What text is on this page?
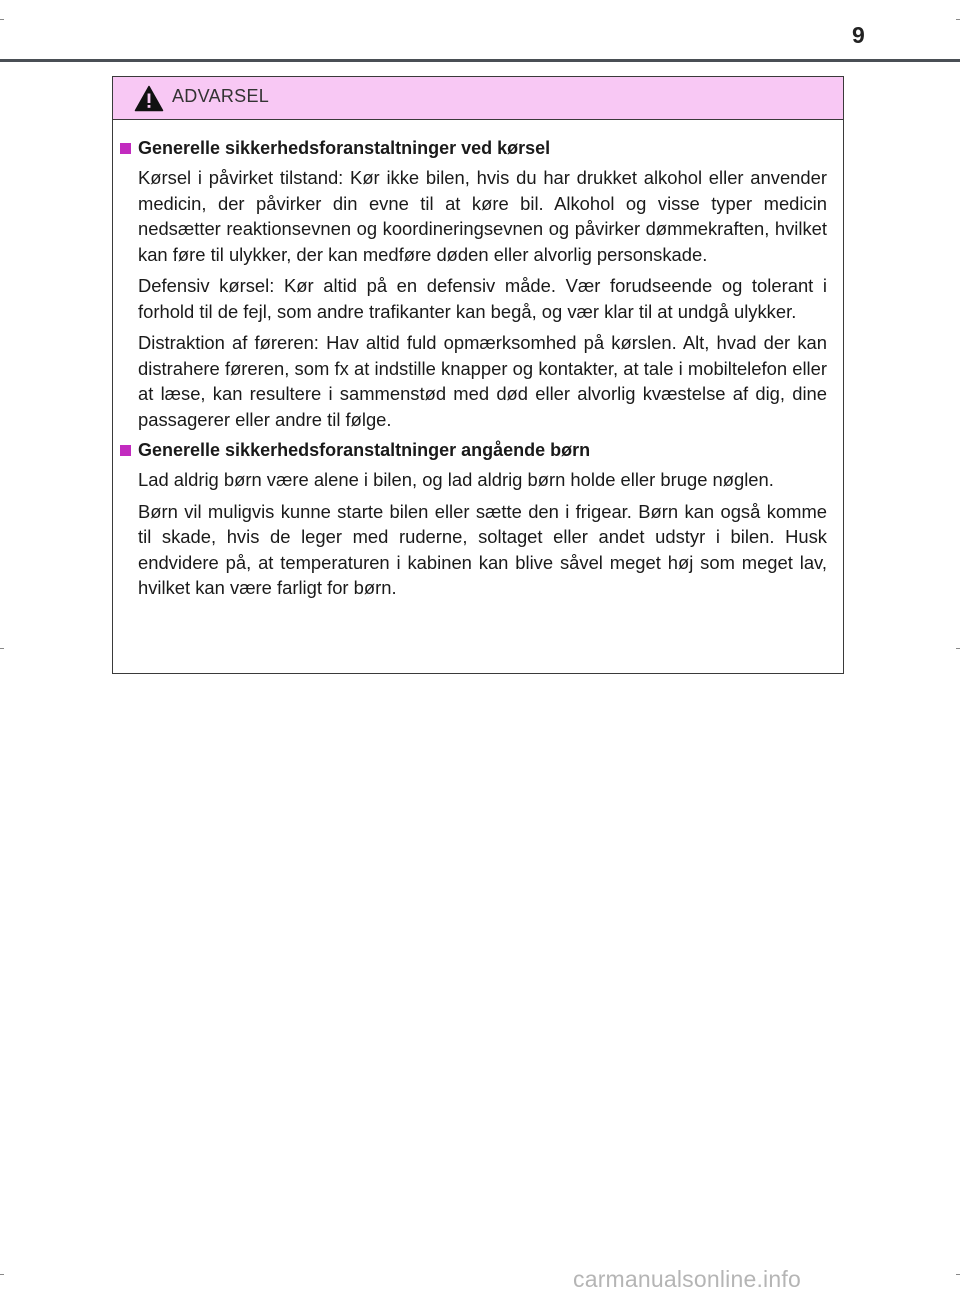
9
ADVARSEL
Generelle sikkerhedsforanstaltninger ved kørsel

Kørsel i påvirket tilstand: Kør ikke bilen, hvis du har drukket alkohol eller anvender medicin, der påvirker din evne til at køre bil. Alkohol og visse typer medicin nedsætter reaktionsevnen og koordineringsevnen og påvirker dømmekraften, hvilket kan føre til ulykker, der kan medføre døden eller alvorlig personskade.

Defensiv kørsel: Kør altid på en defensiv måde. Vær forudseende og tolerant i forhold til de fejl, som andre trafikanter kan begå, og vær klar til at undgå ulykker.

Distraktion af føreren: Hav altid fuld opmærksomhed på kørslen. Alt, hvad der kan distrahere føreren, som fx at indstille knapper og kontakter, at tale i mobiltelefon eller at læse, kan resultere i sammenstød med død eller alvorlig kvæstelse af dig, dine passagerer eller andre til følge.

Generelle sikkerhedsforanstaltninger angående børn

Lad aldrig børn være alene i bilen, og lad aldrig børn holde eller bruge nøglen.

Børn vil muligvis kunne starte bilen eller sætte den i frigear. Børn kan også komme til skade, hvis de leger med ruderne, soltaget eller andet udstyr i bilen. Husk endvidere på, at temperaturen i kabinen kan blive såvel meget høj som meget lav, hvilket kan være farligt for børn.

carmanualsonline.info
